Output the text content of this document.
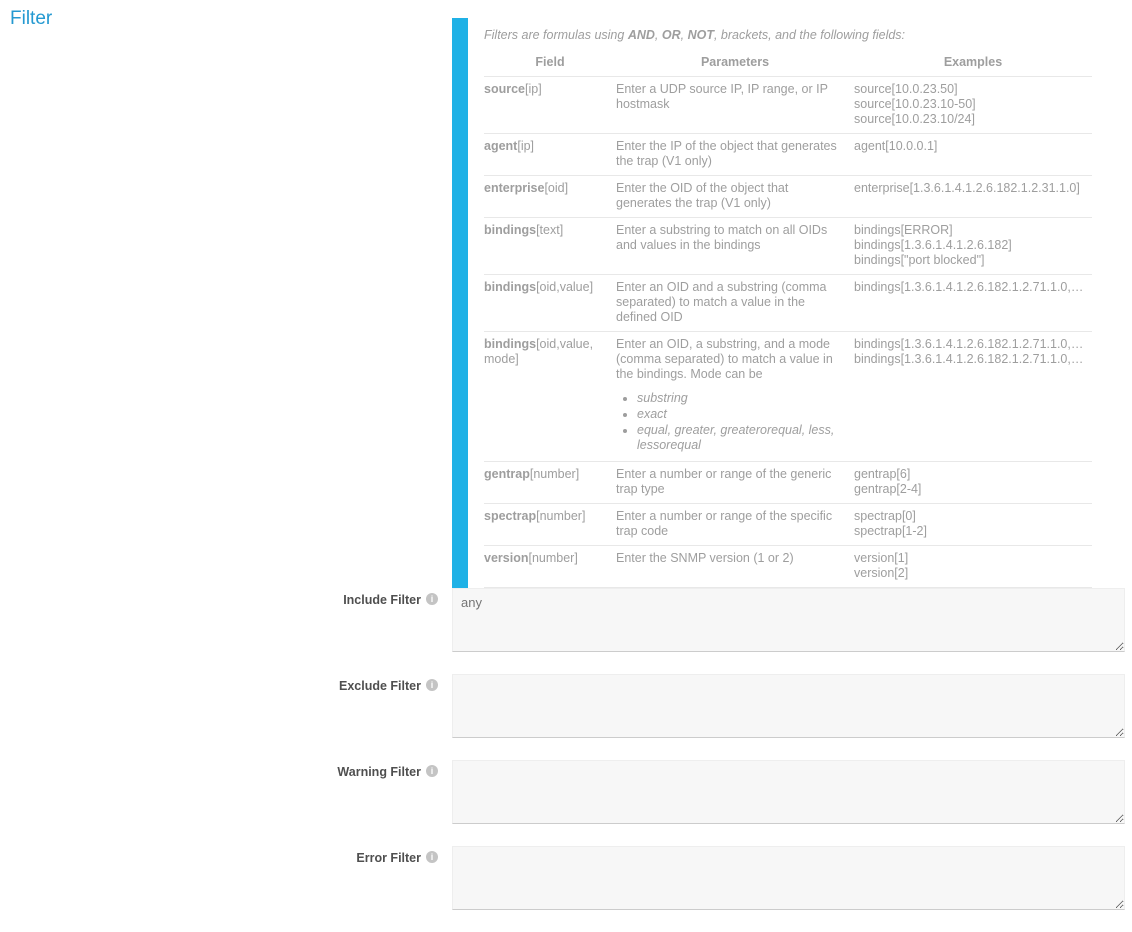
Filter

Filters are formulas using AND, OR, NOT, brackets, and the following fields:

Field	Parameters	Examples
source[ip]	Enter a UDP source IP, IP range, or IP hostmask	source[10.0.23.50]
source[10.0.23.10-50]
source[10.0.23.10/24]

agent[ip]	Enter the IP of the object that generates the trap (V1 only)	agent[10.0.0.1]

enterprise[oid]	Enter the OID of the object that generates the trap (V1 only)	enterprise[1.3.6.1.4.1.2.6.182.1.2.31.1.0]

bindings[text]	Enter a substring to match on all OIDs and values in the bindings	bindings[ERROR]
bindings[1.3.6.1.4.1.2.6.182]
bindings["port blocked"]

bindings[oid,value]	Enter an OID and a substring (comma separated) to match a value in the defined OID	bindings[1.3.6.1.4.1.2.6.182.1.2.71.1.0,…

bindings[oid,value, mode]	Enter an OID, a substring, and a mode (comma separated) to match a value in the bindings. Mode can be
• substring
• exact
• equal, greater, greaterorequal, less, lessorequal

bindings[1.3.6.1.4.1.2.6.182.1.2.71.1.0,…
bindings[1.3.6.1.4.1.2.6.182.1.2.71.1.0,…

gentrap[number]	Enter a number or range of the generic trap type	gentrap[6]
gentrap[2-4]

spectrap[number]	Enter a number or range of the specific trap code	spectrap[0]
spectrap[1-2]

version[number]	Enter the SNMP version (1 or 2)	version[1]
version[2]

Include Filter i
any
Exclude Filter i
Warning Filter i
Error Filter i
